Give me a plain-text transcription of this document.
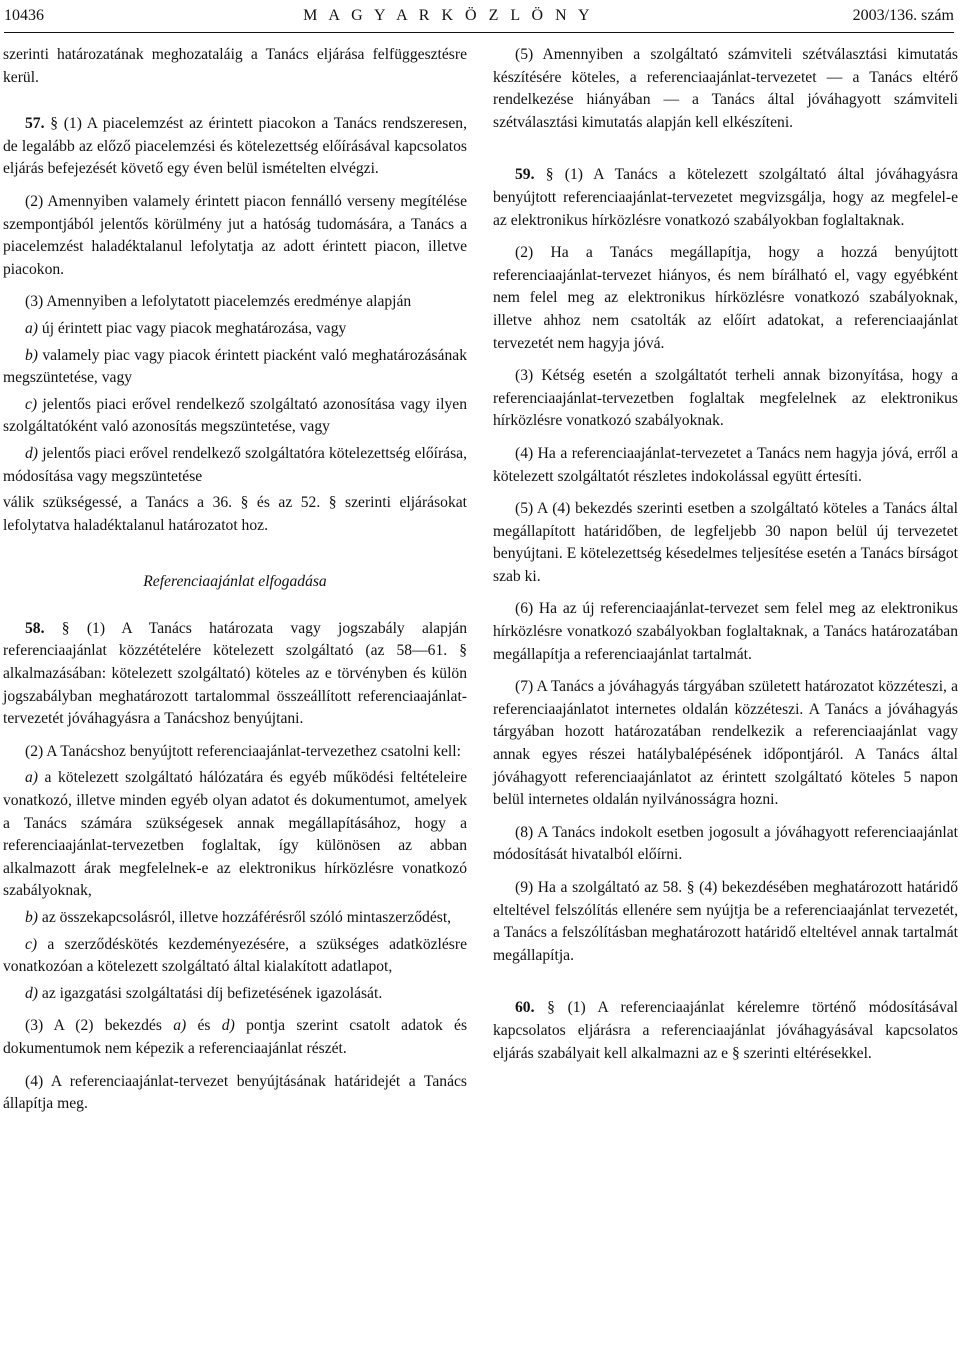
10436	M A G Y A R K Ö Z L Ö N Y	2003/136. szám

szerinti határozatának meghozataláig a Tanács eljárása felfüggesztésre kerül.

57. § (1) A piacelemzést az érintett piacokon a Tanács rendszeresen, de legalább az előző piacelemzési és kötelezettség előírásával kapcsolatos eljárás befejezését követő egy éven belül ismételten elvégzi.

(2) Amennyiben valamely érintett piacon fennálló verseny megítélése szempontjából jelentős körülmény jut a hatóság tudomására, a Tanács a piacelemzést haladéktalanul lefolytatja az adott érintett piacon, illetve piacokon.

(3) Amennyiben a lefolytatott piacelemzés eredménye alapján

a) új érintett piac vagy piacok meghatározása, vagy

b) valamely piac vagy piacok érintett piacként való meghatározásának megszüntetése, vagy

c) jelentős piaci erővel rendelkező szolgáltató azonosítása vagy ilyen szolgáltatóként való azonosítás megszüntetése, vagy

d) jelentős piaci erővel rendelkező szolgáltatóra kötelezettség előírása, módosítása vagy megszüntetése

válik szükségessé, a Tanács a 36. § és az 52. § szerinti eljárásokat lefolytatva haladéktalanul határozatot hoz.

Referenciaajánlat elfogadása

58. § (1) A Tanács határozata vagy jogszabály alapján referenciaajánlat közzétételére kötelezett szolgáltató (az 58—61. § alkalmazásában: kötelezett szolgáltató) köteles az e törvényben és külön jogszabályban meghatározott tartalommal összeállított referenciaajánlat-tervezetét jóváhagyásra a Tanácshoz benyújtani.

(2) A Tanácshoz benyújtott referenciaajánlat-tervezethez csatolni kell:

a) a kötelezett szolgáltató hálózatára és egyéb működési feltételeire vonatkozó, illetve minden egyéb olyan adatot és dokumentumot, amelyek a Tanács számára szükségesek annak megállapításához, hogy a referenciaajánlat-tervezetben foglaltak, így különösen az abban alkalmazott árak megfelelnek-e az elektronikus hírközlésre vonatkozó szabályoknak,

b) az összekapcsolásról, illetve hozzáférésről szóló mintaszerződést,

c) a szerződéskötés kezdeményezésére, a szükséges adatközlésre vonatkozóan a kötelezett szolgáltató által kialakított adatlapot,

d) az igazgatási szolgáltatási díj befizetésének igazolását.

(3) A (2) bekezdés a) és d) pontja szerint csatolt adatok és dokumentumok nem képezik a referenciaajánlat részét.

(4) A referenciaajánlat-tervezet benyújtásának határidejét a Tanács állapítja meg.

(5) Amennyiben a szolgáltató számviteli szétválasztási kimutatás készítésére köteles, a referenciaajánlat-tervezetet — a Tanács eltérő rendelkezése hiányában — a Tanács által jóváhagyott számviteli szétválasztási kimutatás alapján kell elkészíteni.

59. § (1) A Tanács a kötelezett szolgáltató által jóváhagyásra benyújtott referenciaajánlat-tervezetet megvizsgálja, hogy az megfelel-e az elektronikus hírközlésre vonatkozó szabályokban foglaltaknak.

(2) Ha a Tanács megállapítja, hogy a hozzá benyújtott referenciaajánlat-tervezet hiányos, és nem bírálható el, vagy egyébként nem felel meg az elektronikus hírközlésre vonatkozó szabályoknak, illetve ahhoz nem csatolták az előírt adatokat, a referenciaajánlat tervezetét nem hagyja jóvá.

(3) Kétség esetén a szolgáltatót terheli annak bizonyítása, hogy a referenciaajánlat-tervezetben foglaltak megfelelnek az elektronikus hírközlésre vonatkozó szabályoknak.

(4) Ha a referenciaajánlat-tervezetet a Tanács nem hagyja jóvá, erről a kötelezett szolgáltatót részletes indokolással együtt értesíti.

(5) A (4) bekezdés szerinti esetben a szolgáltató köteles a Tanács által megállapított határidőben, de legfeljebb 30 napon belül új tervezetet benyújtani. E kötelezettség késedelmes teljesítése esetén a Tanács bírságot szab ki.

(6) Ha az új referenciaajánlat-tervezet sem felel meg az elektronikus hírközlésre vonatkozó szabályokban foglaltaknak, a Tanács határozatában megállapítja a referenciaajánlat tartalmát.

(7) A Tanács a jóváhagyás tárgyában született határozatot közzéteszi, a referenciaajánlatot internetes oldalán közzéteszi. A Tanács a jóváhagyás tárgyában hozott határozatában rendelkezik a referenciaajánlat vagy annak egyes részei hatálybalépésének időpontjáról. A Tanács által jóváhagyott referenciaajánlatot az érintett szolgáltató köteles 5 napon belül internetes oldalán nyilvánosságra hozni.

(8) A Tanács indokolt esetben jogosult a jóváhagyott referenciaajánlat módosítását hivatalból előírni.

(9) Ha a szolgáltató az 58. § (4) bekezdésében meghatározott határidő elteltével felszólítás ellenére sem nyújtja be a referenciaajánlat tervezetét, a Tanács a felszólításban meghatározott határidő elteltével annak tartalmát megállapítja.

60. § (1) A referenciaajánlat kérelemre történő módosításával kapcsolatos eljárásra a referenciaajánlat jóváhagyásával kapcsolatos eljárás szabályait kell alkalmazni az e § szerinti eltérésekkel.
